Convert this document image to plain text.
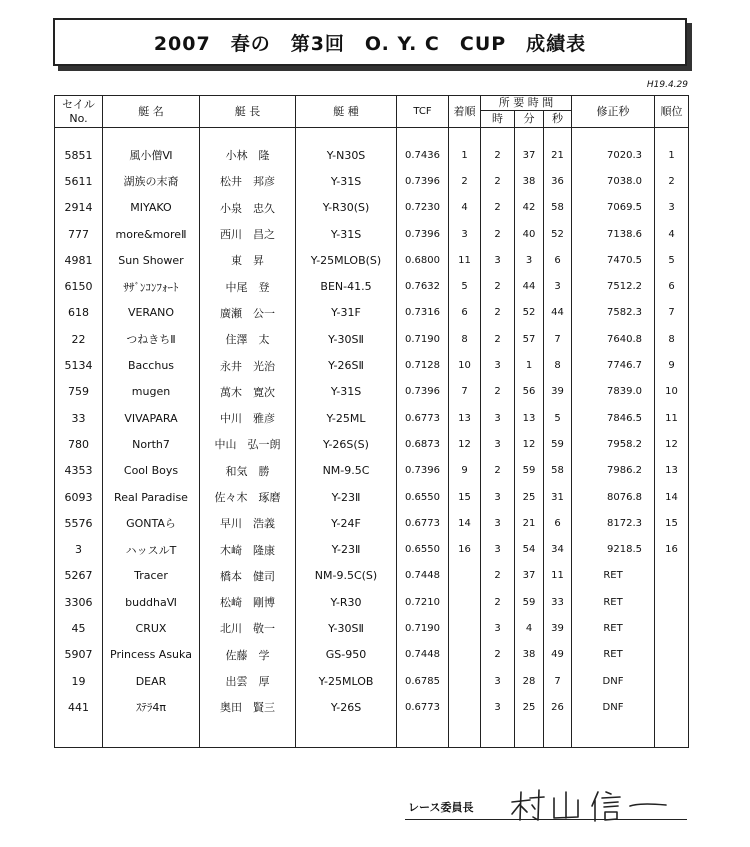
2007　春の　第3回　O. Y. C　CUP　成績表
H19.4.29
セイル
No.	艇 名	艇 長	艇 種	TCF	着順	所 要 時 間			修正秒	順位
						時	分	秒		

5851	風小僧Ⅵ	小林　隆	Y-N30S	0.7436	1	2	37	21	7020.3	1
5611	湖族の末裔	松井　邦彦	Y-31S	0.7396	2	2	38	36	7038.0	2
2914	MIYAKO	小泉　忠久	Y-R30(S)	0.7230	4	2	42	58	7069.5	3
777	more&moreⅡ	西川　昌之	Y-31S	0.7396	3	2	40	52	7138.6	4
4981	Sun Shower	東　昇	Y-25MLOB(S)	0.6800	11	3	3	6	7470.5	5
6150	ｻｻﾞﾝｺﾝﾌｫｰﾄ	中尾　登	BEN-41.5	0.7632	5	2	44	3	7512.2	6
618	VERANO	廣瀬　公一	Y-31F	0.7316	6	2	52	44	7582.3	7
22	つねきちⅡ	住澤　太	Y-30SⅡ	0.7190	8	2	57	7	7640.8	8
5134	Bacchus	永井　光治	Y-26SⅡ	0.7128	10	3	1	8	7746.7	9
759	mugen	萬木　寛次	Y-31S	0.7396	7	2	56	39	7839.0	10
33	VIVAPARA	中川　雅彦	Y-25ML	0.6773	13	3	13	5	7846.5	11
780	North7	中山　弘一朗	Y-26S(S)	0.6873	12	3	12	59	7958.2	12
4353	Cool Boys	和気　勝	NM-9.5C	0.7396	9	2	59	58	7986.2	13
6093	Real Paradise	佐々木　琢磨	Y-23Ⅱ	0.6550	15	3	25	31	8076.8	14
5576	GONTAら	早川　浩義	Y-24F	0.6773	14	3	21	6	8172.3	15
3	ハッスルT	木崎　隆康	Y-23Ⅱ	0.6550	16	3	54	34	9218.5	16
5267	Tracer	橋本　健司	NM-9.5C(S)	0.7448		2	37	11	RET	
3306	buddhaⅥ	松崎　剛博	Y-R30	0.7210		2	59	33	RET	
45	CRUX	北川　敬一	Y-30SⅡ	0.7190		3	4	39	RET	
5907	Princess Asuka	佐藤　学	GS-950	0.7448		2	38	49	RET	
19	DEAR	出雲　厚	Y-25MLOB	0.6785		3	28	7	DNF	
441	ｽﾃﾗ4π	奥田　賢三	Y-26S	0.6773		3	25	26	DNF	

レース委員長
